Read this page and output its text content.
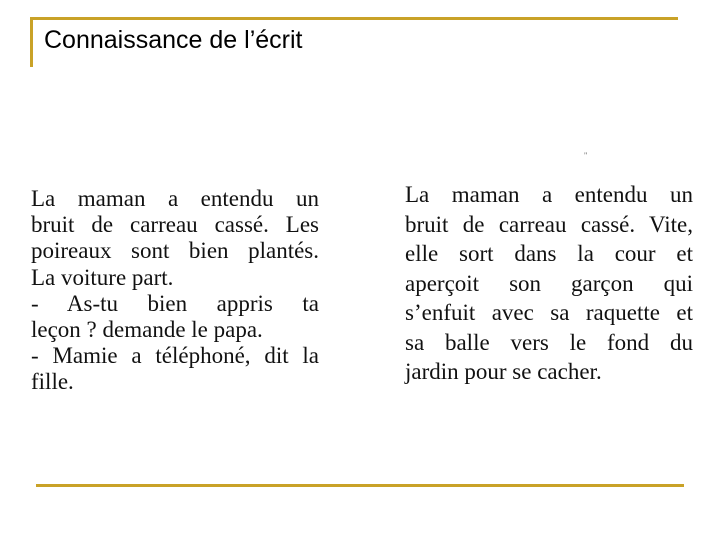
Connaissance de l’écrit
"
La maman a entendu un
bruit de carreau cassé. Les
poireaux sont bien plantés.
La voiture part.
- As-tu bien appris ta
leçon ? demande le papa.
- Mamie a téléphoné, dit la
fille.
La maman a entendu un
bruit de carreau cassé. Vite,
elle sort dans la cour et
aperçoit son garçon qui
s’enfuit avec sa raquette et
sa balle vers le fond du
jardin pour se cacher.
